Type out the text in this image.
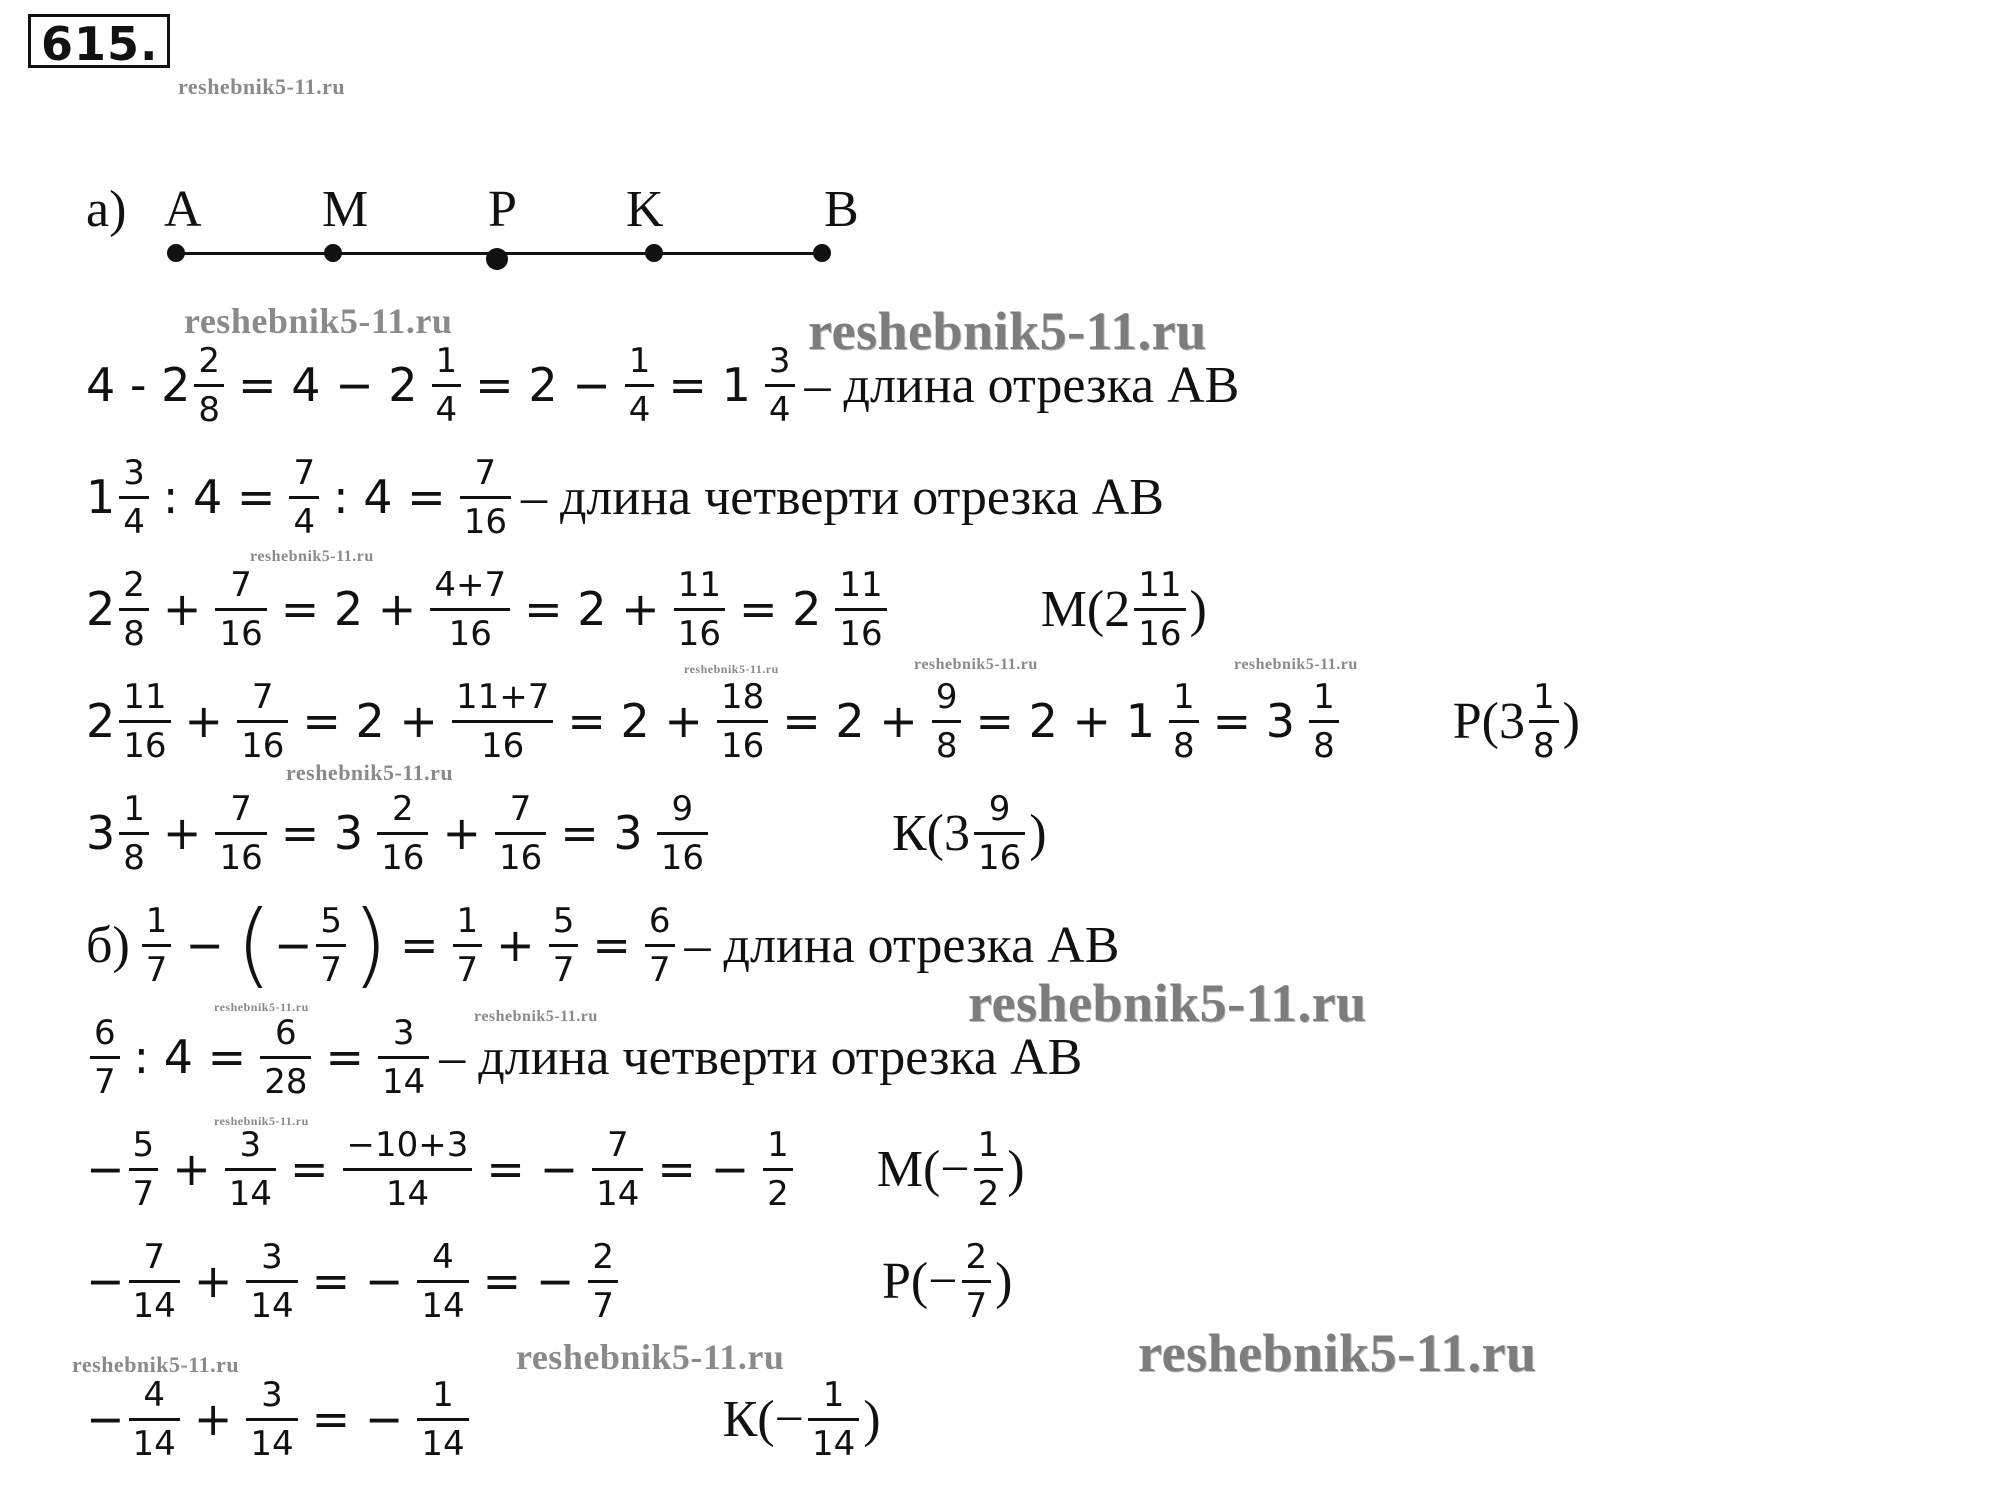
615.
reshebnik5-11.ru
reshebnik5-11.ru	reshebnik5-11.ru
reshebnik5-11.ru
reshebnik5-11.ru	reshebnik5-11.ru	reshebnik5-11.ru
reshebnik5-11.ru
reshebnik5-11.ru
reshebnik5-11.ru
reshebnik5-11.ru
reshebnik5-11.ru
reshebnik5-11.ru	reshebnik5-11.ru	reshebnik5-11.ru
а) A M P K	B
$4 - 2 \frac{2}{8} = 4 - 2 \frac{1}{4} = 2 - \frac{1}{4} = 1 \frac{3}{4}$ – длина отрезка АВ
$1 \frac{3}{4}$ : $4 = \frac{7}{4}$ : $4 = \frac{7}{16}$ – длина четверти отрезка АВ
$2 \frac{2}{8} + \frac{7}{16} = 2 + \frac{4+7}{16} = 2 + \frac{11}{16} = 2 \frac{11}{16}$	$М(2 \frac{11}{16}$ )
$2 \frac{11}{16} + \frac{7}{16} = 2 + \frac{11+7}{16} = 2 + \frac{18}{16} = 2 + \frac{9}{8} = 2 + 1 \frac{1}{8} = 3 \frac{1}{8} Р(3 \frac{1}{8}$ )
$3 \frac{1}{8} + \frac{7}{16} = 3 \frac{2}{16} + \frac{7}{16} = 3 \frac{9}{16}$	$К(3 \frac{9}{16}$ )
$б) \frac{1}{7}$ − ( − $\frac{5}{7}$ ) = $\frac{1}{7} + \frac{5}{7} = \frac{6}{7}$ – длина отрезка АВ
$\frac{6}{7}$ : $4 = \frac{6}{28} = \frac{3}{14}$ – длина четверти отрезка АВ
− $\frac{5}{7} + \frac{3}{14} = \frac{-10+3}{14}$ = − $\frac{7}{14}$ = − $\frac{1}{2} М(- \frac{1}{2}$ )
− $\frac{7}{14} + \frac{3}{14}$ = − $\frac{4}{14}$ = − $\frac{2}{7}$	$Р(- \frac{2}{7}$ )
− $\frac{4}{14} + \frac{3}{14}$ = − $\frac{1}{14}$	$К(- \frac{1}{14}$ )
